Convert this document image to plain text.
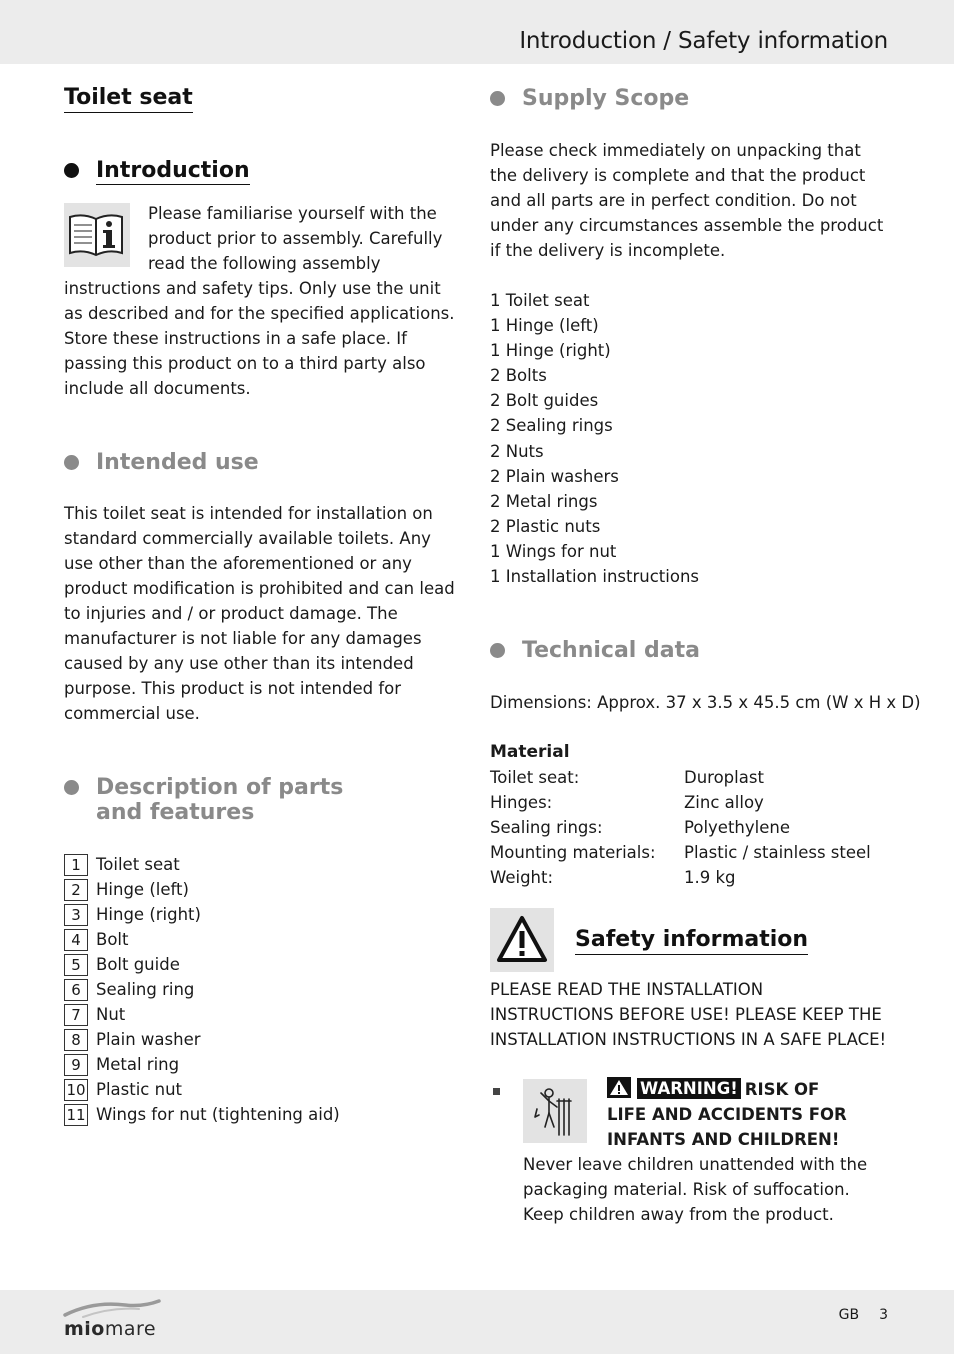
Introduction / Safety information
Toilet seat
Introduction

Please familiarise yourself with the product prior to assembly. Carefully read the following assembly instructions and safety tips. Only use the unit as described and for the specified applications. Store these instructions in a safe place. If passing this product on to a third party also include all documents.

Intended use

This toilet seat is intended for installation on standard commercially available toilets. Any use other than the aforementioned or any product modification is prohibited and can lead to injuries and / or product damage. The manufacturer is not liable for any damages caused by any use other than its intended purpose. This product is not intended for commercial use.

Description of parts
and features
1 Toilet seat
2 Hinge (left)
3 Hinge (right)
4 Bolt
5 Bolt guide
6 Sealing ring
7 Nut
8 Plain washer
9 Metal ring
10 Plastic nut
11 Wings for nut (tightening aid)
Supply Scope

Please check immediately on unpacking that the delivery is complete and that the product and all parts are in perfect condition. Do not under any circumstances assemble the product if the delivery is incomplete.

1 Toilet seat
1 Hinge (left)
1 Hinge (right)
2 Bolts
2 Bolt guides
2 Sealing rings
2 Nuts
2 Plain washers
2 Metal rings
2 Plastic nuts
1 Wings for nut
1 Installation instructions
Technical data

Dimensions: Approx. 37 x 3.5 x 45.5 cm (W x H x D)

Material
Toilet seat:	Duroplast
Hinges:	Zinc alloy
Sealing rings:	Polyethylene
Mounting materials:	Plastic / stainless steel
Weight:	1.9 kg
Safety information

PLEASE READ THE INSTALLATION INSTRUCTIONS BEFORE USE! PLEASE KEEP THE INSTALLATION INSTRUCTIONS IN A SAFE PLACE!

WARNING! RISK OF
LIFE AND ACCIDENTS FOR
INFANTS AND CHILDREN!

Never leave children unattended with the packaging material. Risk of suffocation. Keep children away from the product.

miomare
GB 3
